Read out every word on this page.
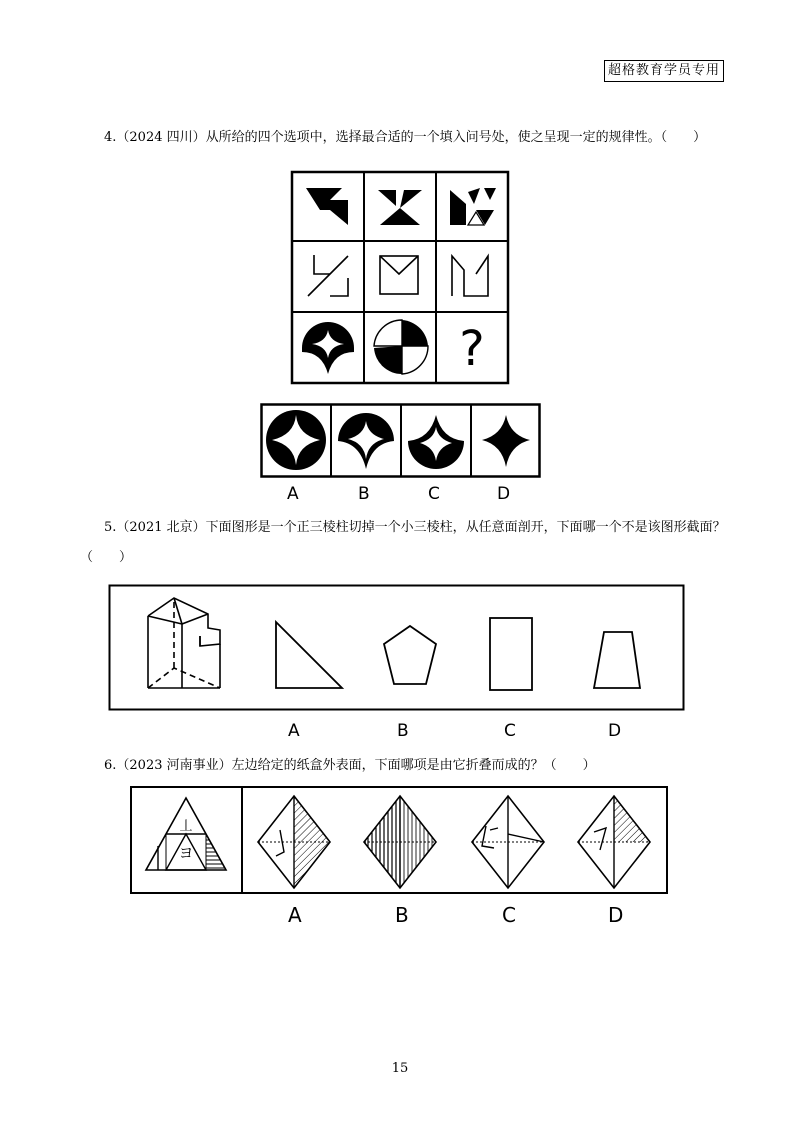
超格教育学员专用
4.（2024 四川）从所给的四个选项中，选择最合适的一个填入问号处，使之呈现一定的规律性。（　　）
?
A	B	C	D
5.（2021 北京）下面图形是一个正三棱柱切掉一个小三棱柱，从任意面剖开，下面哪一个不是该图形截面？
（　　）
A	B	C	D
6.（2023 河南事业）左边给定的纸盒外表面，下面哪项是由它折叠而成的？（　　）
丄
ヨ
A	B	C	D
15
